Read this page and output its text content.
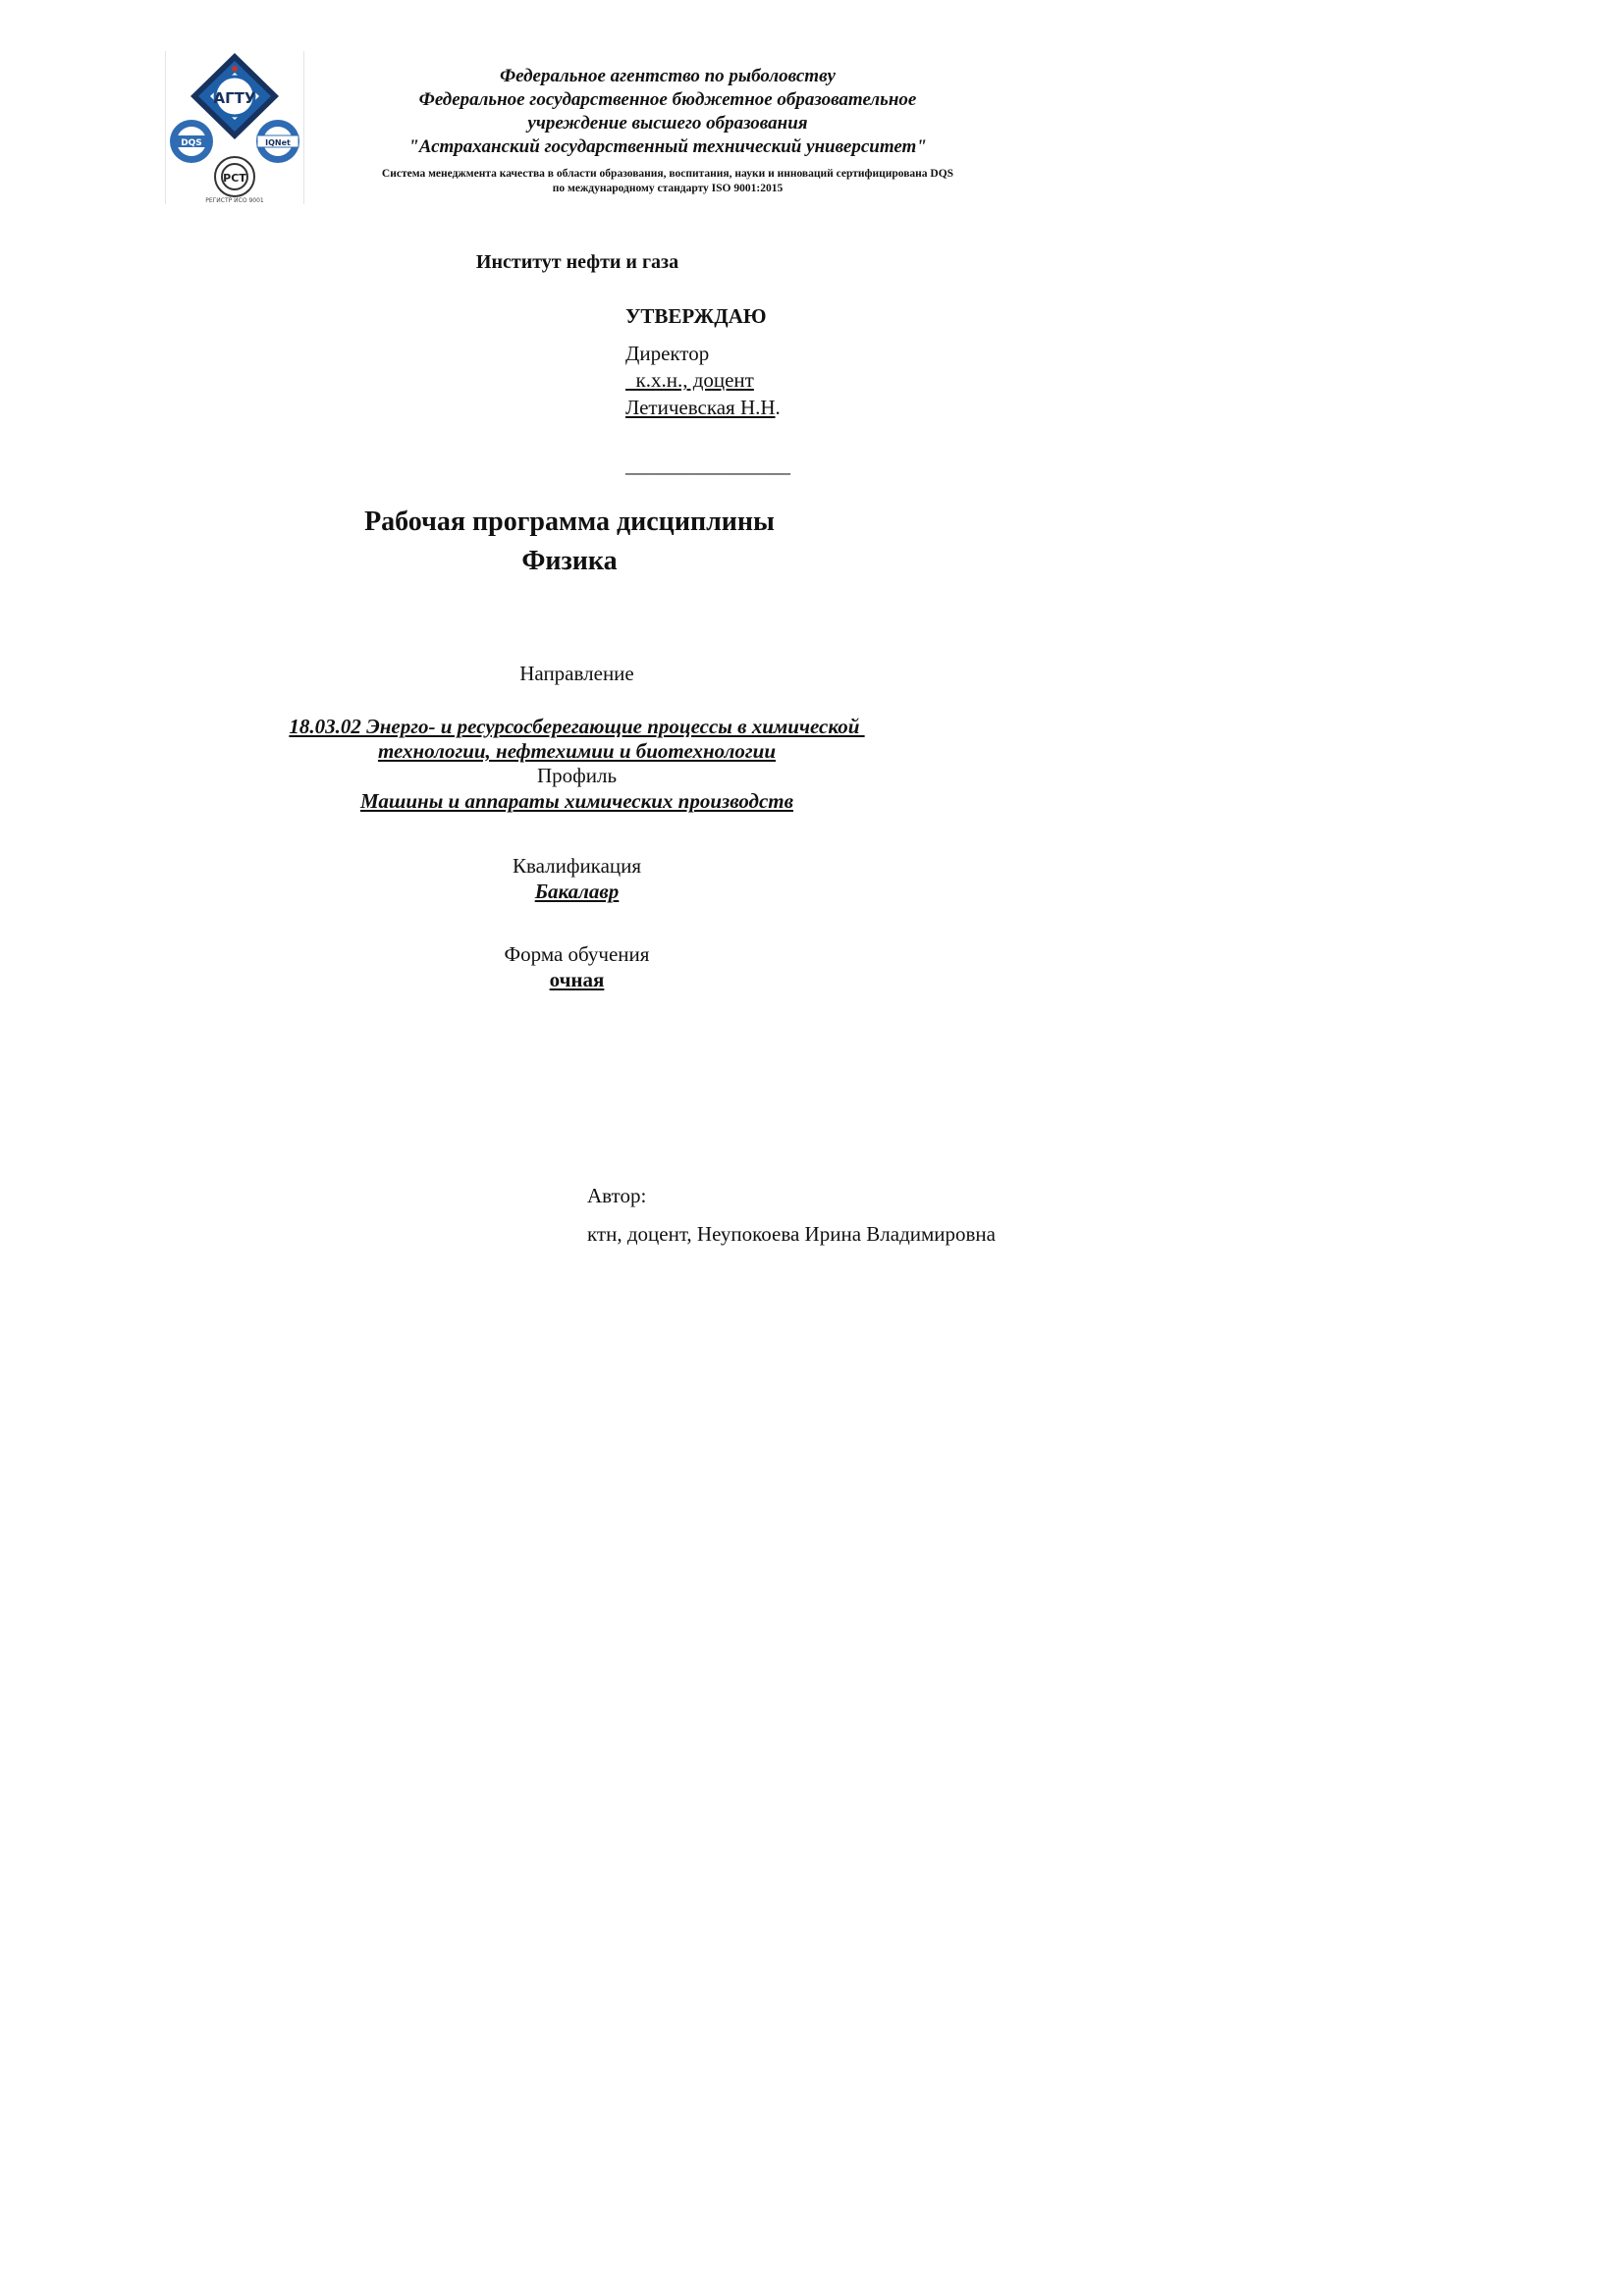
АГТУ
DQS	IQNet
РСТ
РЕГИСТР ИСО 9001
Федеральное агентство по рыболовству
Федеральное государственное бюджетное образовательное
учреждение высшего образования
"Астраханский государственный технический университет"
Система менеджмента качества в области образования, воспитания, науки и инноваций сертифицирована DQS
по международному стандарту ISO 9001:2015
Институт нефти и газа
УТВЕРЖДАЮ
Директор
к.х.н., доцент
Летичевская Н.Н.
________________
Рабочая программа дисциплины
Физика
Направление
18.03.02 Энерго- и ресурсосберегающие процессы в химической
технологии, нефтехимии и биотехнологии
Профиль
Машины и аппараты химических производств
Квалификация
Бакалавр
Форма обучения
очная
Автор:
ктн, доцент, Неупокоева Ирина Владимировна
